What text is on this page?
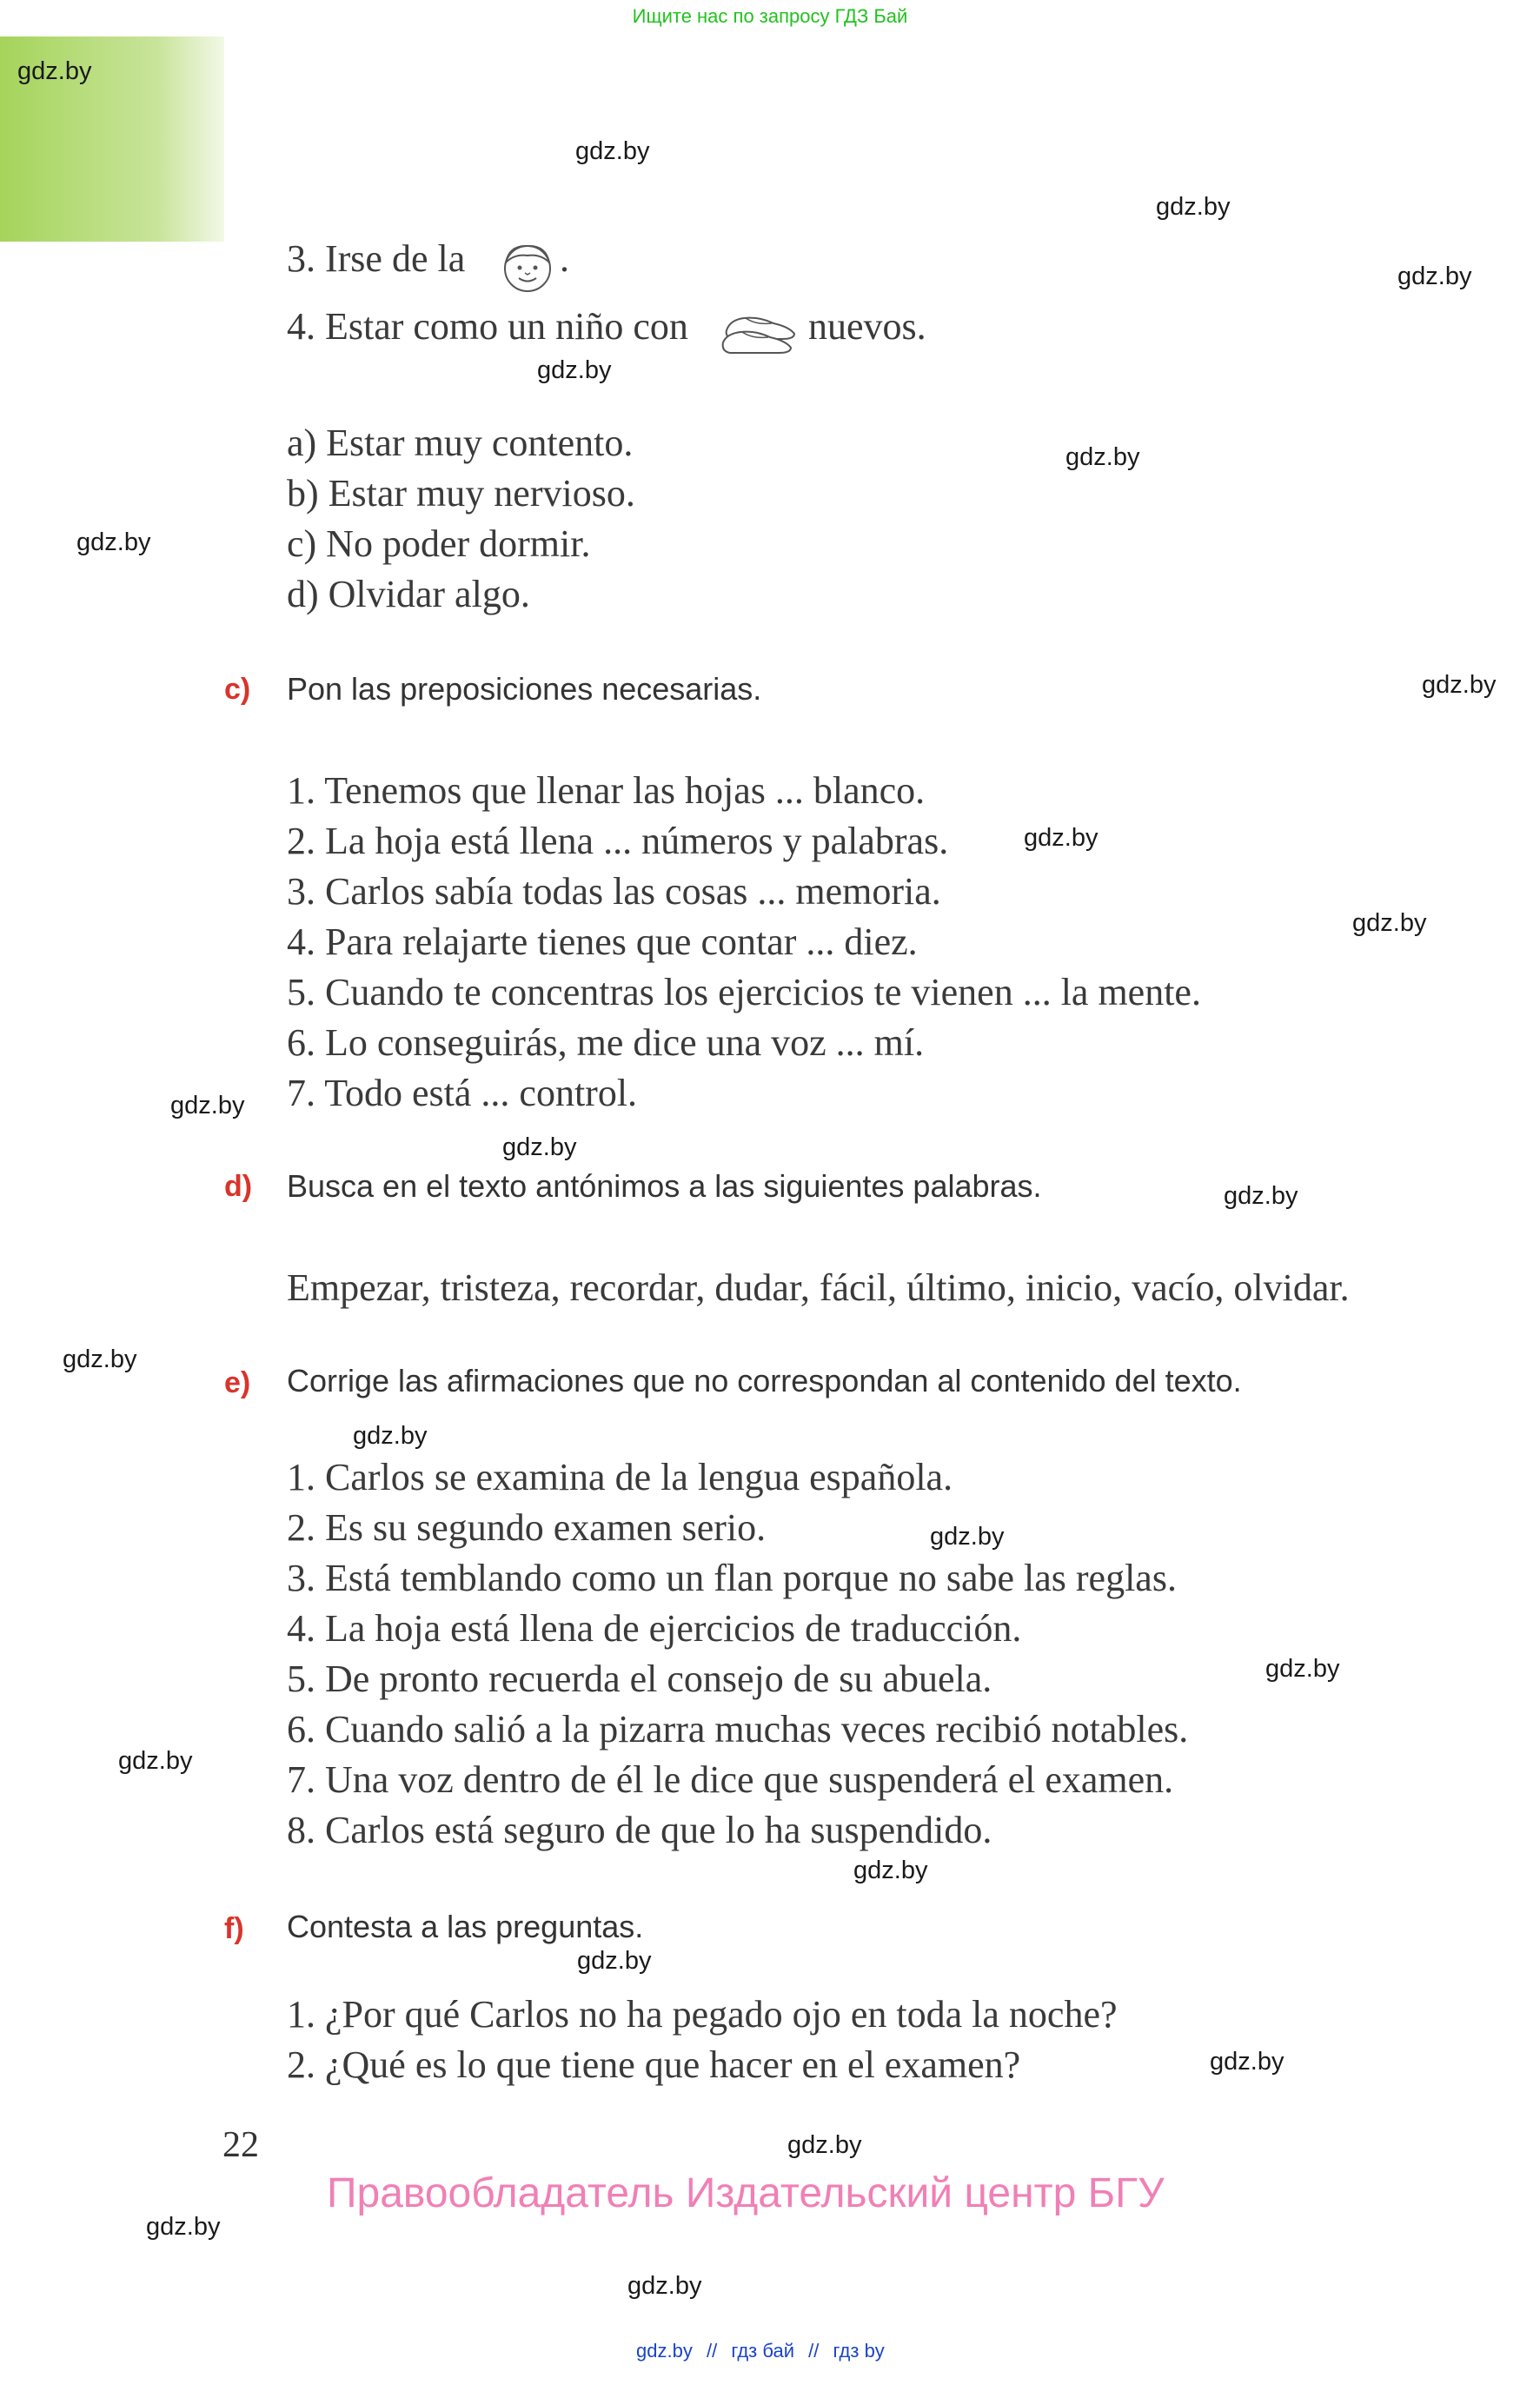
Ищите нас по запросу ГДЗ Бай
gdz.by
gdz.by
gdz.by
gdz.by
gdz.by
gdz.by
gdz.by
gdz.by
gdz.by
gdz.by
gdz.by
gdz.by
gdz.by
gdz.by
gdz.by
gdz.by
gdz.by
gdz.by
gdz.by
gdz.by
gdz.by
gdz.by
gdz.by
gdz.by
3. Irse de la .
4. Estar como un niño con	nuevos.
a) Estar muy contento.
b) Estar muy nervioso.
c) No poder dormir.
d) Olvidar algo.
c) Pon las preposiciones necesarias.
1. Tenemos que llenar las hojas ... blanco.
2. La hoja está llena ... números y palabras.
3. Carlos sabía todas las cosas ... memoria.
4. Para relajarte tienes que contar ... diez.
5. Cuando te concentras los ejercicios te vienen ... la mente.
6. Lo conseguirás, me dice una voz ... mí.
7. Todo está ... control.
d) Busca en el texto antónimos a las siguientes palabras.
Empezar, tristeza, recordar, dudar, fácil, último, inicio, vacío, olvidar.
e) Corrige las afirmaciones que no correspondan al contenido del texto.
1. Carlos se examina de la lengua española.
2. Es su segundo examen serio.
3. Está temblando como un flan porque no sabe las reglas.
4. La hoja está llena de ejercicios de traducción.
5. De pronto recuerda el consejo de su abuela.
6. Cuando salió a la pizarra muchas veces recibió notables.
7. Una voz dentro de él le dice que suspenderá el examen.
8. Carlos está seguro de que lo ha suspendido.
f) Contesta a las preguntas.
1. ¿Por qué Carlos no ha pegado ojo en toda la noche?
2. ¿Qué es lo que tiene que hacer en el examen?
22
Правообладатель Издательский центр БГУ
gdz.by // гдз бай // гдз by
